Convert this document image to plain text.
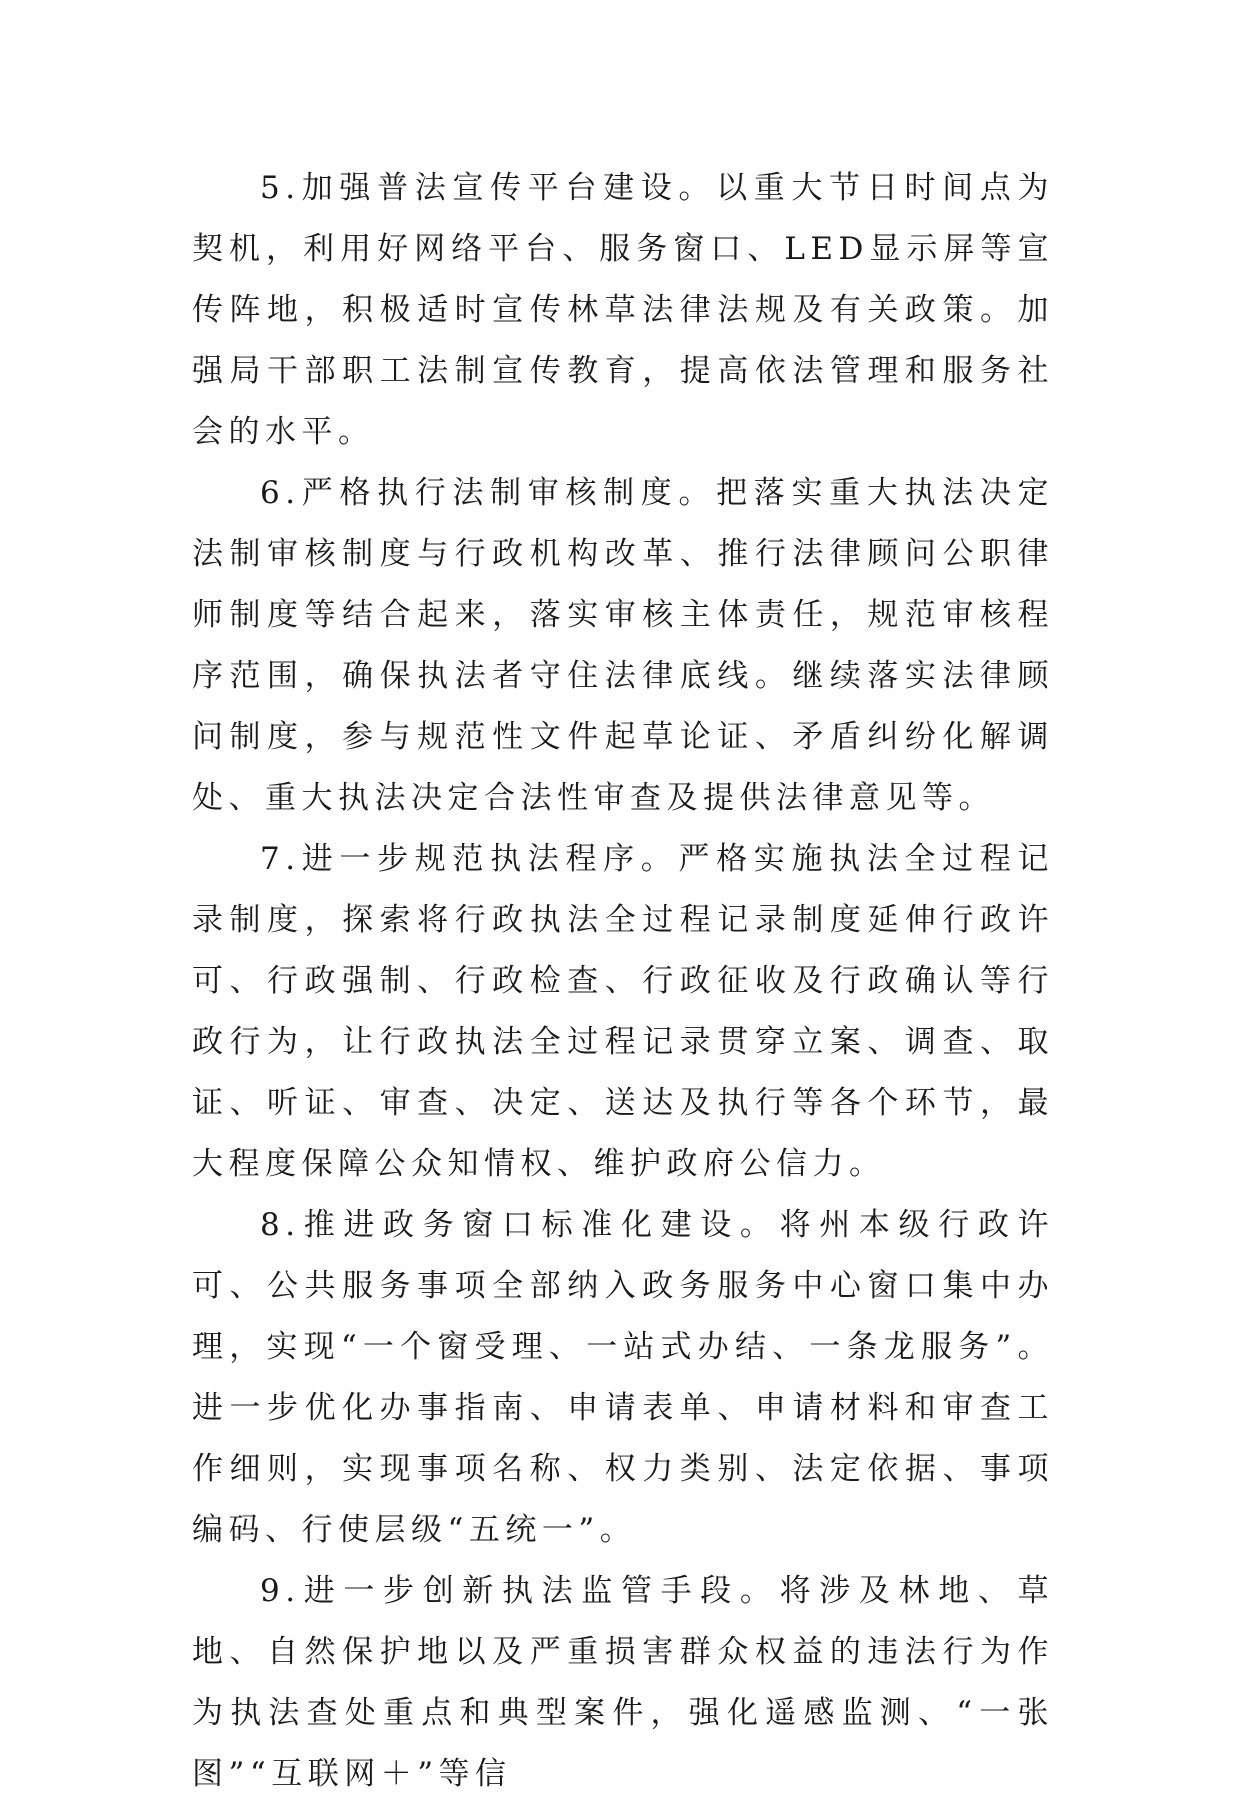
5.加强普法宣传平台建设。以重大节日时间点为契机，利用好网络平台、服务窗口、LED显示屏等宣传阵地，积极适时宣传林草法律法规及有关政策。加强局干部职工法制宣传教育，提高依法管理和服务社会的水平。

6.严格执行法制审核制度。把落实重大执法决定法制审核制度与行政机构改革、推行法律顾问公职律师制度等结合起来，落实审核主体责任，规范审核程序范围，确保执法者守住法律底线。继续落实法律顾问制度，参与规范性文件起草论证、矛盾纠纷化解调处、重大执法决定合法性审查及提供法律意见等。

7.进一步规范执法程序。严格实施执法全过程记录制度，探索将行政执法全过程记录制度延伸行政许可、行政强制、行政检查、行政征收及行政确认等行政行为，让行政执法全过程记录贯穿立案、调查、取证、听证、审查、决定、送达及执行等各个环节，最大程度保障公众知情权、维护政府公信力。

8.推进政务窗口标准化建设。将州本级行政许可、公共服务事项全部纳入政务服务中心窗口集中办理，实现“一个窗受理、一站式办结、一条龙服务”。进一步优化办事指南、申请表单、申请材料和审查工作细则，实现事项名称、权力类别、法定依据、事项编码、行使层级“五统一”。

9.进一步创新执法监管手段。将涉及林地、草地、自然保护地以及严重损害群众权益的违法行为作为执法查处重点和典型案件，强化遥感监测、“一张图”“互联网＋”等信
